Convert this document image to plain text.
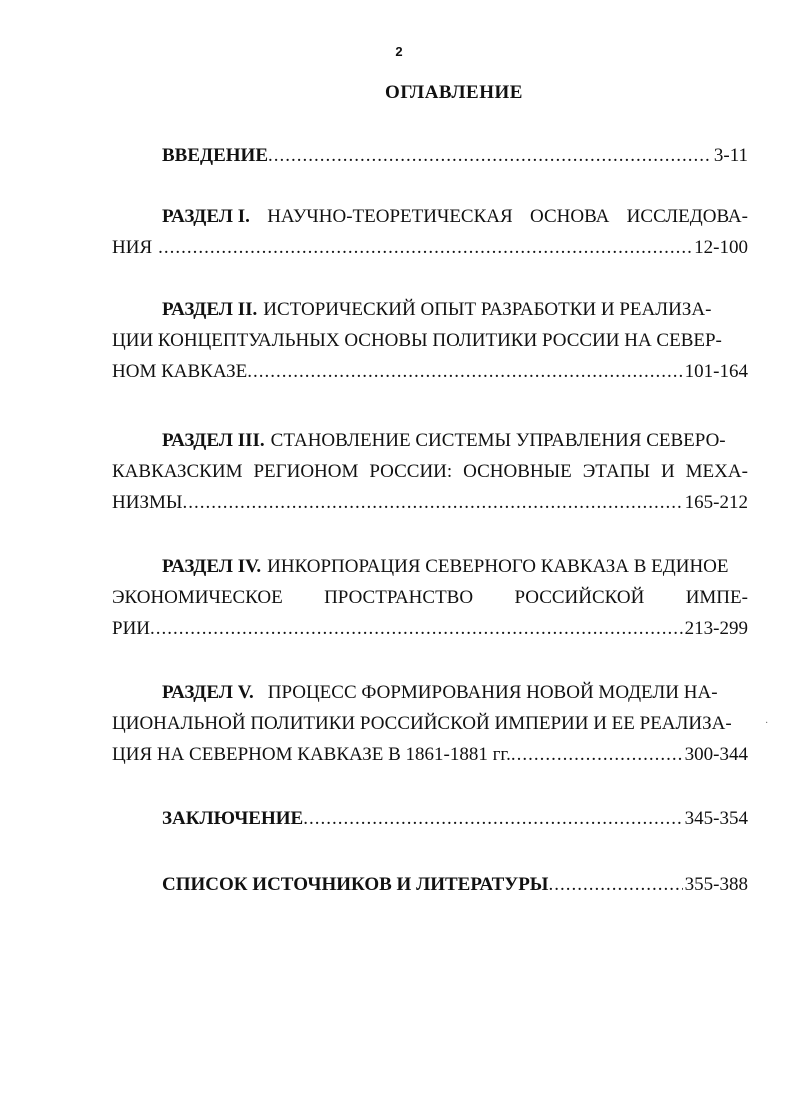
2
ОГЛАВЛЕНИЕ
ВВЕДЕНИЕ .....	3-11
РАЗДЕЛ I. НАУЧНО-ТЕОРЕТИЧЕСКАЯ ОСНОВА ИССЛЕДОВА-
НИЯ .....	12-100
РАЗДЕЛ II. ИСТОРИЧЕСКИЙ ОПЫТ РАЗРАБОТКИ И РЕАЛИЗА-
ЦИИ КОНЦЕПТУАЛЬНЫХ ОСНОВЫ ПОЛИТИКИ РОССИИ НА СЕВЕР-
НОМ КАВКАЗЕ .....	101-164
РАЗДЕЛ III. СТАНОВЛЕНИЕ СИСТЕМЫ УПРАВЛЕНИЯ СЕВЕРО-
КАВКАЗСКИМ РЕГИОНОМ РОССИИ: ОСНОВНЫЕ ЭТАПЫ И МЕХА-
НИЗМЫ .....	165-212
РАЗДЕЛ IV. ИНКОРПОРАЦИЯ СЕВЕРНОГО КАВКАЗА В ЕДИНОЕ
ЭКОНОМИЧЕСКОЕ ПРОСТРАНСТВО РОССИЙСКОЙ ИМПЕ-
РИИ .....	213-299
РАЗДЕЛ V. ПРОЦЕСС ФОРМИРОВАНИЯ НОВОЙ МОДЕЛИ НА-
ЦИОНАЛЬНОЙ ПОЛИТИКИ РОССИЙСКОЙ ИМПЕРИИ И ЕЕ РЕАЛИЗА-
ЦИЯ НА СЕВЕРНОМ КАВКАЗЕ В 1861-1881 гг. .....	300-344
ЗАКЛЮЧЕНИЕ .....	345-354
СПИСОК ИСТОЧНИКОВ И ЛИТЕРАТУРЫ .....	355-388
·
